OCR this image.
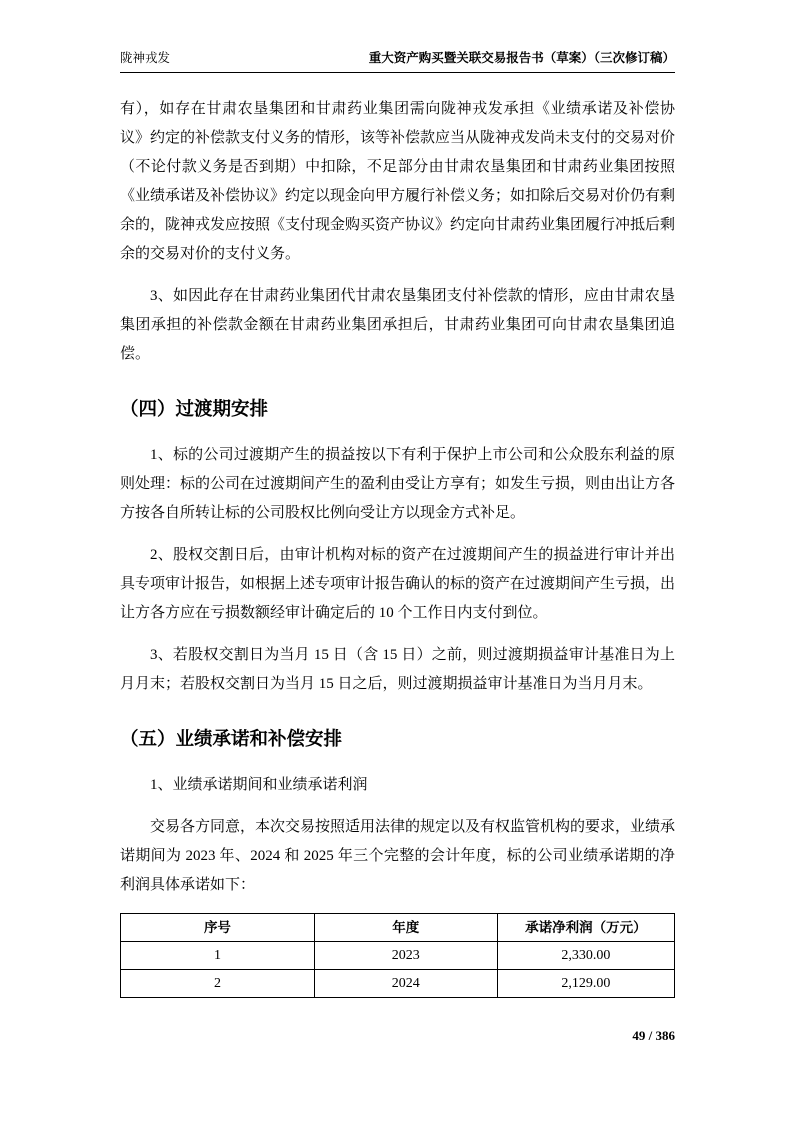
陇神戎发	重大资产购买暨关联交易报告书（草案）（三次修订稿）

有），如存在甘肃农垦集团和甘肃药业集团需向陇神戎发承担《业绩承诺及补偿协议》约定的补偿款支付义务的情形，该等补偿款应当从陇神戎发尚未支付的交易对价（不论付款义务是否到期）中扣除，不足部分由甘肃农垦集团和甘肃药业集团按照《业绩承诺及补偿协议》约定以现金向甲方履行补偿义务；如扣除后交易对价仍有剩余的，陇神戎发应按照《支付现金购买资产协议》约定向甘肃药业集团履行冲抵后剩余的交易对价的支付义务。

3、如因此存在甘肃药业集团代甘肃农垦集团支付补偿款的情形，应由甘肃农垦集团承担的补偿款金额在甘肃药业集团承担后，甘肃药业集团可向甘肃农垦集团追偿。

（四）过渡期安排

1、标的公司过渡期产生的损益按以下有利于保护上市公司和公众股东利益的原则处理：标的公司在过渡期间产生的盈利由受让方享有；如发生亏损，则由出让方各方按各自所转让标的公司股权比例向受让方以现金方式补足。

2、股权交割日后，由审计机构对标的资产在过渡期间产生的损益进行审计并出具专项审计报告，如根据上述专项审计报告确认的标的资产在过渡期间产生亏损，出让方各方应在亏损数额经审计确定后的 10 个工作日内支付到位。

3、若股权交割日为当月 15 日（含 15 日）之前，则过渡期损益审计基准日为上月月末；若股权交割日为当月 15 日之后，则过渡期损益审计基准日为当月月末。

（五）业绩承诺和补偿安排

1、业绩承诺期间和业绩承诺利润

交易各方同意，本次交易按照适用法律的规定以及有权监管机构的要求，业绩承诺期间为 2023 年、2024 和 2025 年三个完整的会计年度，标的公司业绩承诺期的净利润具体承诺如下：

序号	年度	承诺净利润（万元）
1	2023	2,330.00
2	2024	2,129.00
49 / 386
